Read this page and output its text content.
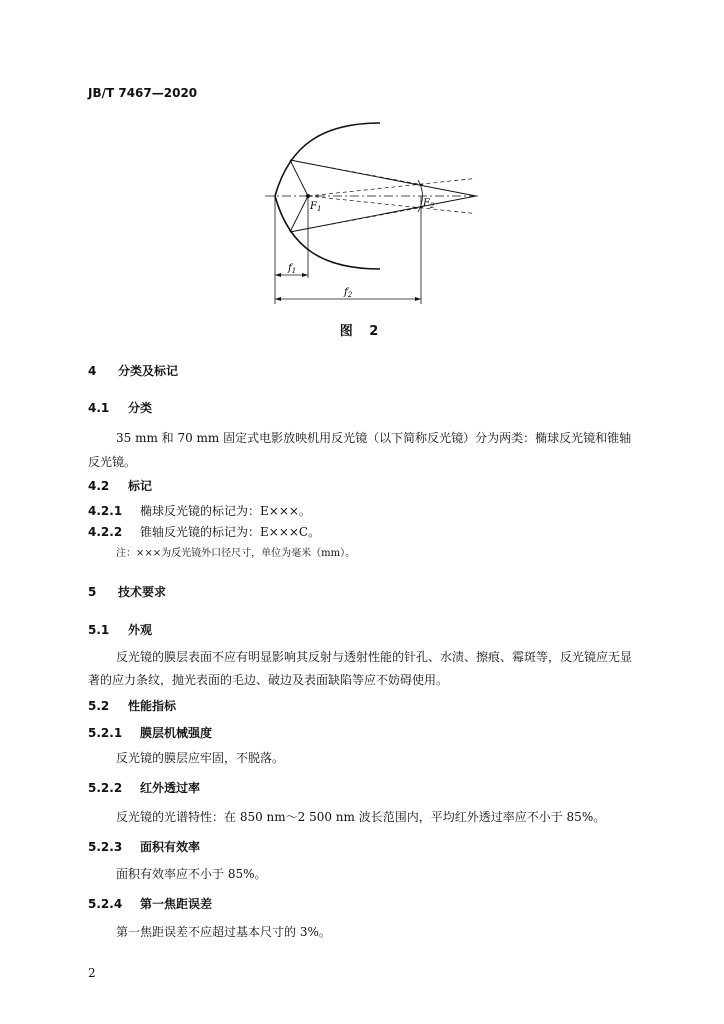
JB/T 7467—2020
$F_1$	$F_2$
$f_1$
$f_2$
图 2
4 分类及标记
4.1 分类
35 mm 和 70 mm 固定式电影放映机用反光镜（以下简称反光镜）分为两类：椭球反光镜和锥轴
反光镜。
4.2 标记
4.2.1 椭球反光镜的标记为：E×××。
4.2.2 锥轴反光镜的标记为：E×××C。
注：×××为反光镜外口径尺寸，单位为毫米（mm）。
5 技术要求
5.1 外观
反光镜的膜层表面不应有明显影响其反射与透射性能的针孔、水渍、擦痕、霉斑等，反光镜应无显
著的应力条纹，抛光表面的毛边、破边及表面缺陷等应不妨碍使用。
5.2 性能指标
5.2.1 膜层机械强度
反光镜的膜层应牢固，不脱落。
5.2.2 红外透过率
反光镜的光谱特性：在 850 nm～2 500 nm 波长范围内，平均红外透过率应不小于 85%。
5.2.3 面积有效率
面积有效率应不小于 85%。
5.2.4 第一焦距误差
第一焦距误差不应超过基本尺寸的 3%。
2
